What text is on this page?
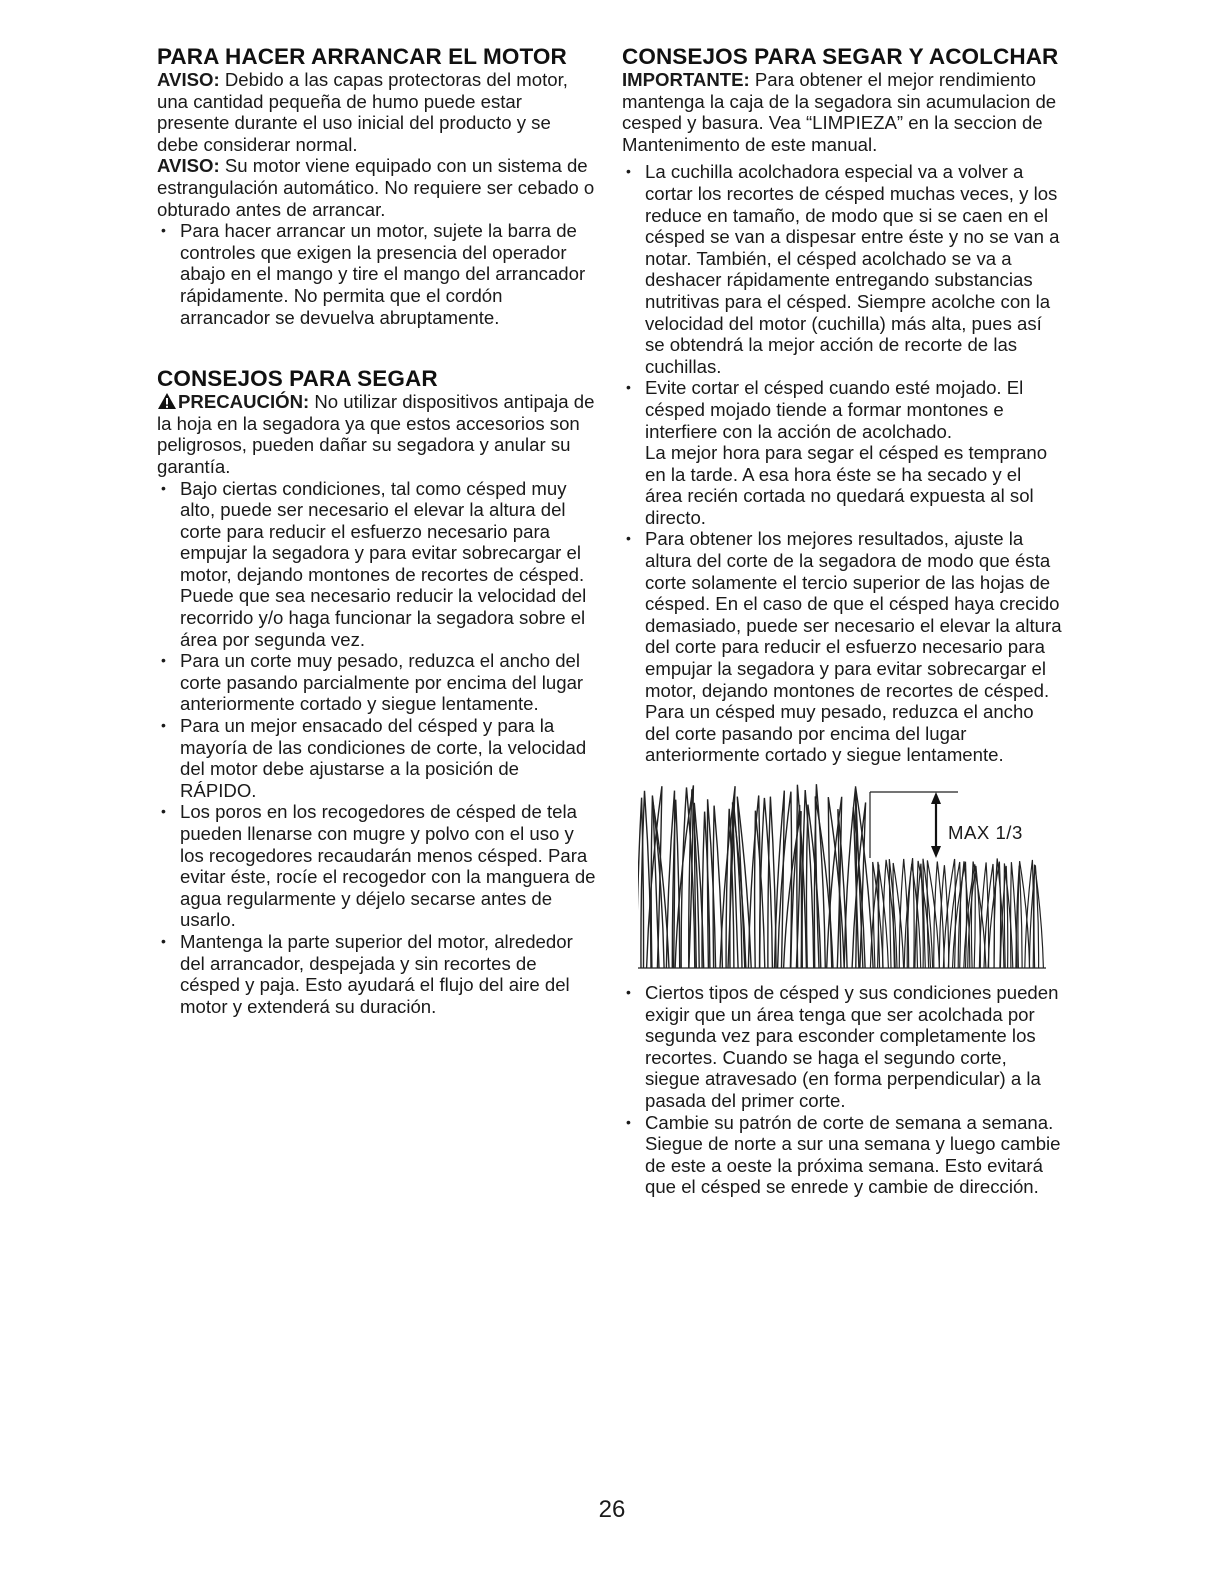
PARA HACER ARRANCAR EL MOTOR

AVISO: Debido a las capas protectoras del motor, una cantidad pequeña de humo puede estar presente durante el uso inicial del producto y se debe considerar normal.

AVISO: Su motor viene equipado con un sistema de estrangulación automático. No requiere ser cebado o obturado antes de arrancar.

• Para hacer arrancar un motor, sujete la barra de controles que exigen la presencia del operador abajo en el mango y tire el mango del arrancador rápidamente. No permita que el cordón arrancador se devuelva abruptamente.
CONSEJOS PARA SEGAR

PRECAUCIÓN: No utilizar dispositivos antipaja de la hoja en la segadora ya que estos accesorios son peligrosos, pueden dañar su segadora y anular su garantía.

• Bajo ciertas condiciones, tal como césped muy alto, puede ser necesario el elevar la altura del corte para reducir el esfuerzo necesario para empujar la segadora y para evitar sobrecargar el motor, dejando montones de recortes de césped. Puede que sea necesario reducir la velocidad del recorrido y/o haga funcionar la segadora sobre el área por segunda vez.
• Para un corte muy pesado, reduzca el ancho del corte pasando parcialmente por encima del lugar anteriormente cortado y siegue lentamente.
• Para un mejor ensacado del césped y para la mayoría de las condiciones de corte, la velocidad del motor debe ajustarse a la posición de RÁPIDO.
• Los poros en los recogedores de césped de tela pueden llenarse con mugre y polvo con el uso y los recogedores recaudarán menos césped. Para evitar éste, rocíe el recogedor con la manguera de agua regularmente y déjelo secarse antes de usarlo.
• Mantenga la parte superior del motor, alrededor del arrancador, despejada y sin recortes de césped y paja. Esto ayudará el flujo del aire del motor y extenderá su duración.
CONSEJOS PARA SEGAR Y ACOLCHAR

IMPORTANTE: Para obtener el mejor rendimiento mantenga la caja de la segadora sin acumulacion de cesped y basura. Vea “LIMPIEZA” en la seccion de Mantenimento de este manual.

• La cuchilla acolchadora especial va a volver a cortar los recortes de césped muchas veces, y los reduce en tamaño, de modo que si se caen en el césped se van a dispesar entre éste y no se van a notar. También, el césped acolchado se va a deshacer rápidamente entregando substancias nutritivas para el césped. Siempre acolche con la velocidad del motor (cuchilla) más alta, pues así se obtendrá la mejor acción de recorte de las cuchillas.
• Evite cortar el césped cuando esté mojado. El césped mojado tiende a formar montones e interfiere con la acción de acolchado.
La mejor hora para segar el césped es temprano en la tarde. A esa hora éste se ha secado y el área recién cortada no quedará expuesta al sol directo.
• Para obtener los mejores resultados, ajuste la altura del corte de la segadora de modo que ésta corte solamente el tercio superior de las hojas de césped. En el caso de que el césped haya crecido demasiado, puede ser necesario el elevar la altura del corte para reducir el esfuerzo necesario para empujar la segadora y para evitar sobrecargar el motor, dejando montones de recortes de césped. Para un césped muy pesado, reduzca el ancho del corte pasando por encima del lugar anteriormente cortado y siegue lentamente.
MAX 1/3
• Ciertos tipos de césped y sus condiciones pueden exigir que un área tenga que ser acolchada por segunda vez para esconder completamente los recortes. Cuando se haga el segundo corte, siegue atravesado (en forma perpendicular) a la pasada del primer corte.
• Cambie su patrón de corte de semana a semana. Siegue de norte a sur una semana y luego cambie de este a oeste la próxima semana. Esto evitará que el césped se enrede y cambie de dirección.
26
